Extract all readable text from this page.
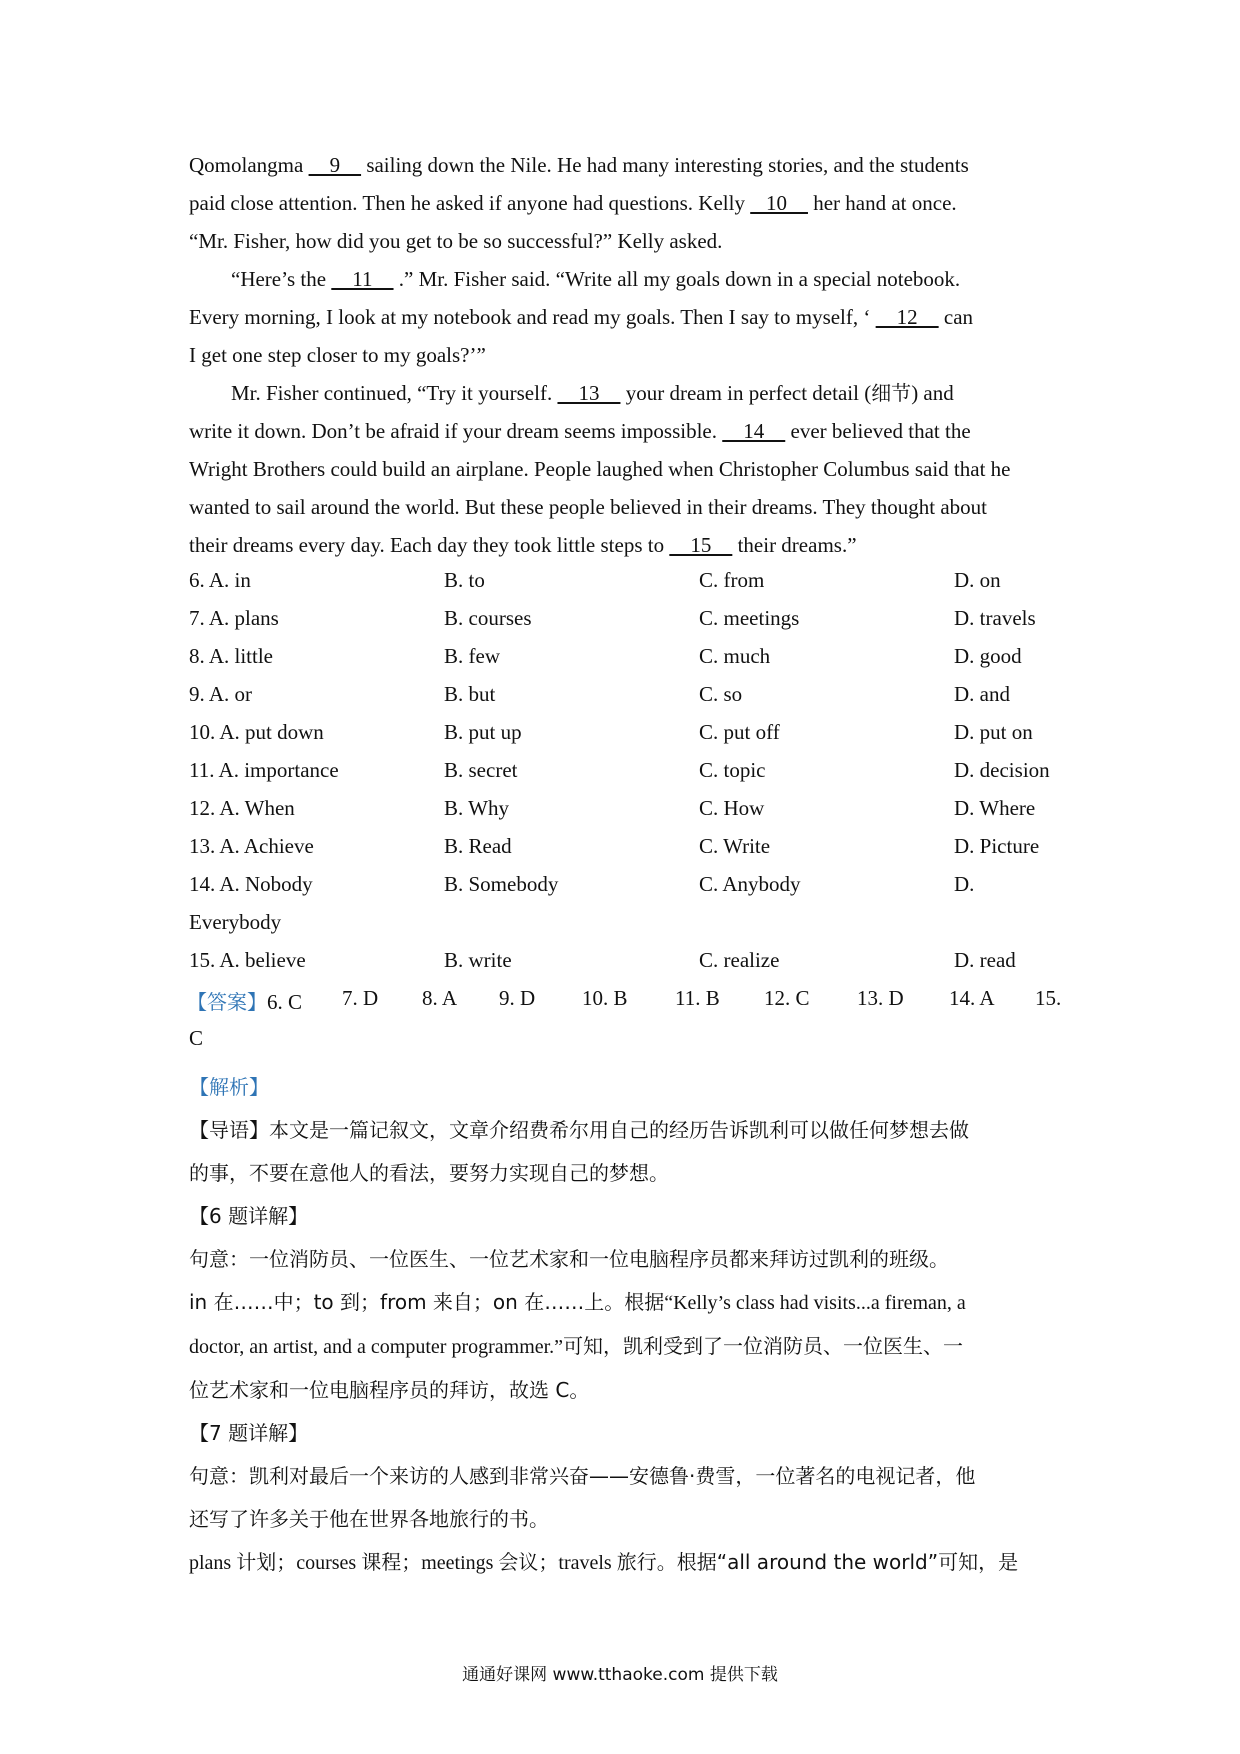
Qomolangma     9     sailing down the Nile. He had many interesting stories, and the students
paid close attention. Then he asked if anyone had questions. Kelly    10     her hand at once.
“Mr. Fisher, how did you get to be so successful?” Kelly asked.
“Here’s the     11     .” Mr. Fisher said. “Write all my goals down in a special notebook.
Every morning, I look at my notebook and read my goals. Then I say to myself, ‘     12     can
I get one step closer to my goals?’”
Mr. Fisher continued, “Try it yourself.     13     your dream in perfect detail (细节) and
write it down. Don’t be afraid if your dream seems impossible.     14     ever believed that the
Wright Brothers could build an airplane. People laughed when Christopher Columbus said that he
wanted to sail around the world. But these people believed in their dreams. They thought about
their dreams every day. Each day they took little steps to     15     their dreams.”
6. A. in	B. to	C. from	D. on
7. A. plans	B. courses	C. meetings	D. travels
8. A. little	B. few	C. much	D. good
9. A. or	B. but	C. so	D. and
10. A. put down	B. put up	C. put off	D. put on
11. A. importance	B. secret	C. topic	D. decision
12. A. When	B. Why	C. How	D. Where
13. A. Achieve	B. Read	C. Write	D. Picture
14. A. Nobody	B. Somebody	C. Anybody	D.
Everybody
15. A. believe	B. write	C. realize	D. read
【答案】6. C 7. D 8. A 9. D 10. B 11. B 12. C 13. D 14. A 15.
C
【解析】
【导语】本文是一篇记叙文，文章介绍费希尔用自己的经历告诉凯利可以做任何梦想去做
的事，不要在意他人的看法，要努力实现自己的梦想。
【6 题详解】
句意：一位消防员、一位医生、一位艺术家和一位电脑程序员都来拜访过凯利的班级。
in 在……中；to 到；from 来自；on 在……上。根据“Kelly’s class had visits...a fireman, a
doctor, an artist, and a computer programmer.”可知，凯利受到了一位消防员、一位医生、一
位艺术家和一位电脑程序员的拜访，故选 C。
【7 题详解】
句意：凯利对最后一个来访的人感到非常兴奋——安德鲁·费雪，一位著名的电视记者，他
还写了许多关于他在世界各地旅行的书。
plans 计划；courses 课程；meetings 会议；travels 旅行。根据“all around the world”可知，是
通通好课网 www.tthaoke.com 提供下载
